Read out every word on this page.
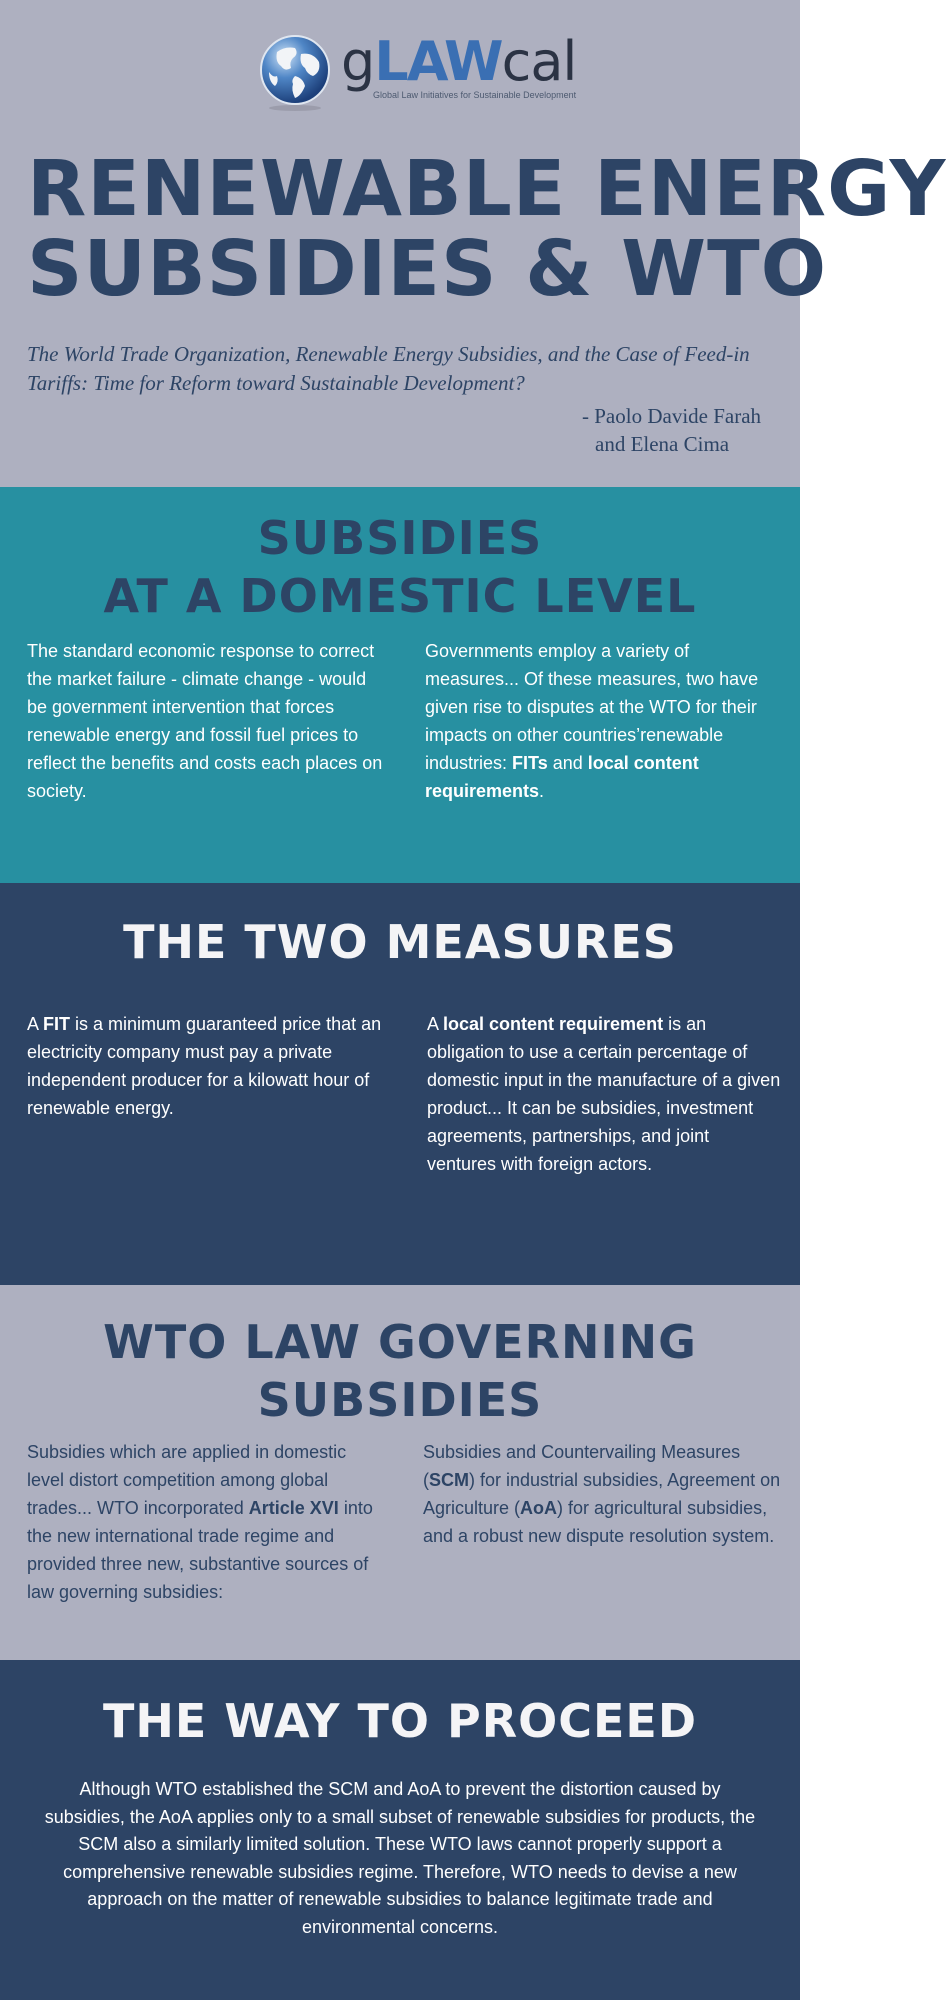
gLAWcal
Global Law Initiatives for Sustainable Development
RENEWABLE ENERGY
SUBSIDIES & WTO
The World Trade Organization, Renewable Energy Subsidies, and the Case of Feed-in Tariffs: Time for Reform toward Sustainable Development?
- Paolo Davide Farah
and Elena Cima
SUBSIDIES
AT A DOMESTIC LEVEL
The standard economic response to correct the market failure - climate change - would be government intervention that forces renewable energy and fossil fuel prices to reflect the benefits and costs each places on society.
Governments employ a variety of measures... Of these measures, two have given rise to disputes at the WTO for their impacts on other countries’renewable industries: FITs and local content requirements.
THE TWO MEASURES
A FIT is a minimum guaranteed price that an electricity company must pay a private independent producer for a kilowatt hour of renewable energy.
A local content requirement is an obligation to use a certain percentage of domestic input in the manufacture of a given product... It can be subsidies, investment agreements, partnerships, and joint ventures with foreign actors.
WTO LAW GOVERNING
SUBSIDIES
Subsidies which are applied in domestic level distort competition among global trades... WTO incorporated Article XVI into the new international trade regime and provided three new, substantive sources of law governing subsidies:
Subsidies and Countervailing Measures (SCM) for industrial subsidies, Agreement on Agriculture (AoA) for agricultural subsidies, and a robust new dispute resolution system.
THE WAY TO PROCEED
Although WTO established the SCM and AoA to prevent the distortion caused by subsidies, the AoA applies only to a small subset of renewable subsidies for products, the SCM also a similarly limited solution. These WTO laws cannot properly support a comprehensive renewable subsidies regime. Therefore, WTO needs to devise a new approach on the matter of renewable subsidies to balance legitimate trade and environmental concerns.
